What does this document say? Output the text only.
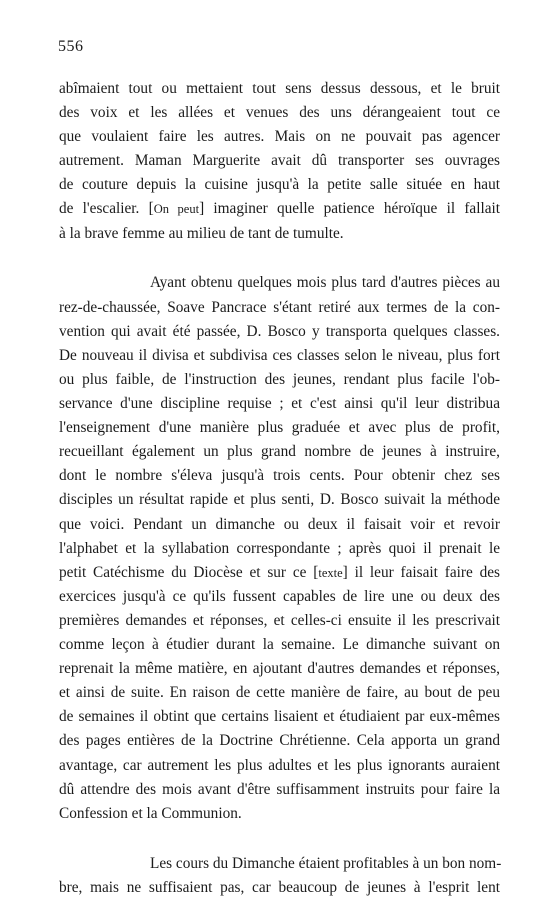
556
abîmaient tout ou mettaient tout sens dessus dessous, et le bruit
des voix et les allées et venues des uns dérangeaient tout ce
que voulaient faire les autres. Mais on ne pouvait pas agencer
autrement. Maman Marguerite avait dû transporter ses ouvrages
de couture depuis la cuisine jusqu'à la petite salle située en haut
de l'escalier. [On peut] imaginer quelle patience héroïque il fallait
à la brave femme au milieu de tant de tumulte.
Ayant obtenu quelques mois plus tard d'autres pièces au
rez-de-chaussée, Soave Pancrace s'étant retiré aux termes de la con-
vention qui avait été passée, D. Bosco y transporta quelques classes.
De nouveau il divisa et subdivisa ces classes selon le niveau, plus fort
ou plus faible, de l'instruction des jeunes, rendant plus facile l'ob-
servance d'une discipline requise ; et c'est ainsi qu'il leur distribua
l'enseignement d'une manière plus graduée et avec plus de profit,
recueillant également un plus grand nombre de jeunes à instruire,
dont le nombre s'éleva jusqu'à trois cents. Pour obtenir chez ses
disciples un résultat rapide et plus senti, D. Bosco suivait la méthode
que voici. Pendant un dimanche ou deux il faisait voir et revoir
l'alphabet et la syllabation correspondante ; après quoi il prenait le
petit Catéchisme du Diocèse et sur ce [texte] il leur faisait faire des
exercices jusqu'à ce qu'ils fussent capables de lire une ou deux des
premières demandes et réponses, et celles-ci ensuite il les prescrivait
comme leçon à étudier durant la semaine. Le dimanche suivant on
reprenait la même matière, en ajoutant d'autres demandes et réponses,
et ainsi de suite. En raison de cette manière de faire, au bout de peu
de semaines il obtint que certains lisaient et étudiaient par eux-mêmes
des pages entières de la Doctrine Chrétienne. Cela apporta un grand
avantage, car autrement les plus adultes et les plus ignorants auraient
dû attendre des mois avant d'être suffisamment instruits pour faire la
Confession et la Communion.
Les cours du Dimanche étaient profitables à un bon nom-
bre, mais ne suffisaient pas, car beaucoup de jeunes à l'esprit lent
